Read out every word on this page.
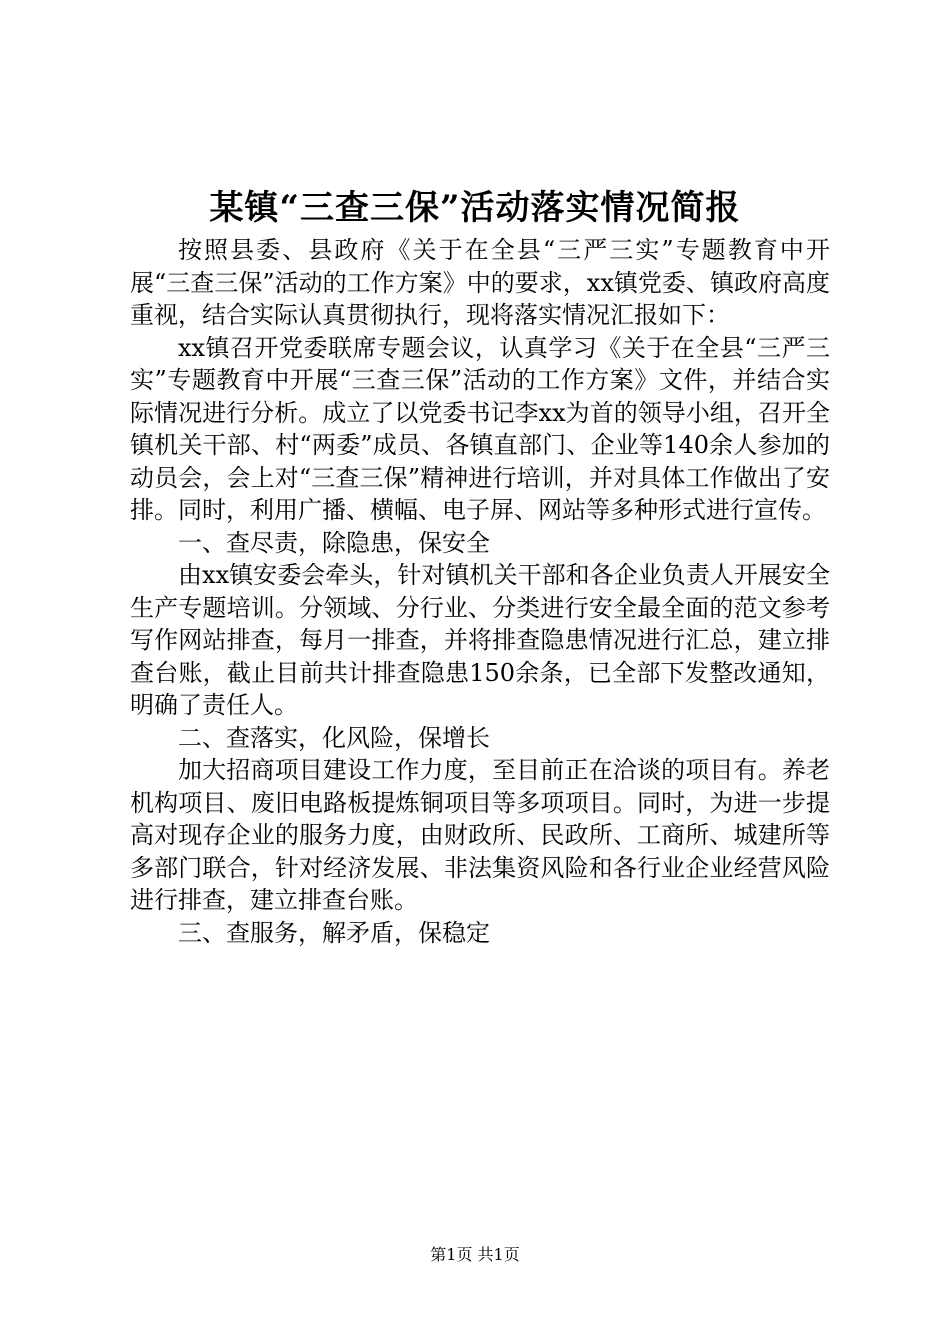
某镇“三查三保”活动落实情况简报

按照县委、县政府《关于在全县“三严三实”专题教育中开展“三查三保”活动的工作方案》中的要求，xx镇党委、镇政府高度重视，结合实际认真贯彻执行，现将落实情况汇报如下：

xx镇召开党委联席专题会议，认真学习《关于在全县“三严三实”专题教育中开展“三查三保”活动的工作方案》文件，并结合实际情况进行分析。成立了以党委书记李xx为首的领导小组，召开全镇机关干部、村“两委”成员、各镇直部门、企业等140余人参加的动员会，会上对“三查三保”精神进行培训，并对具体工作做出了安排。同时，利用广播、横幅、电子屏、网站等多种形式进行宣传。

一、查尽责，除隐患，保安全

由xx镇安委会牵头，针对镇机关干部和各企业负责人开展安全生产专题培训。分领域、分行业、分类进行安全最全面的范文参考写作网站排查，每月一排查，并将排查隐患情况进行汇总，建立排查台账，截止目前共计排查隐患150余条，已全部下发整改通知，明确了责任人。

二、查落实，化风险，保增长

加大招商项目建设工作力度，至目前正在洽谈的项目有。养老机构项目、废旧电路板提炼铜项目等多项项目。同时，为进一步提高对现存企业的服务力度，由财政所、民政所、工商所、城建所等多部门联合，针对经济发展、非法集资风险和各行业企业经营风险进行排查，建立排查台账。

三、查服务，解矛盾，保稳定

第1页 共1页
